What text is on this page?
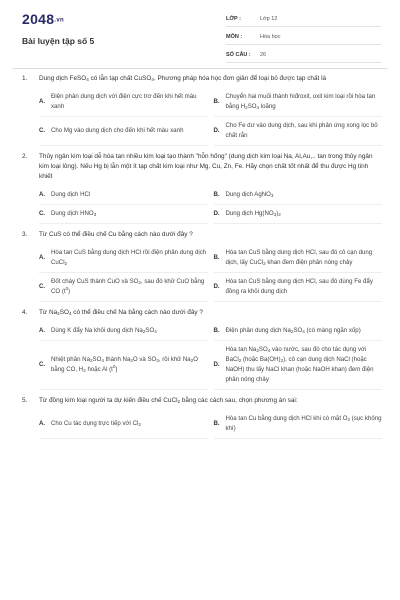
2048.vn
Bài luyện tập số 5
LỚP :	Lớp 12
MÔN :	Hóa học
SỐ CÂU :	26
1.	Dung dịch FeSO$_4$ có lẫn tạp chất CuSO$_4$. Phương pháp hóa học đơn giản để loại bỏ được tạp chất là
A.
Điện phân dung dịch với điện cực trơ đến khi hết màu xanh
B.
Chuyển hai muối thành hiđroxit, oxit kim loại rồi hòa tan bằng $H_2SO_4$ loãng
C. Cho Mg vào dung dịch cho đến khi hết màu xanh	D.
Cho Fe dư vào dung dịch, sau khi phản ứng xong lọc bỏ chất rắn
2.	Thủy ngân kim loại dễ hòa tan nhiều kim loại tạo thành "hỗn hống" (dung dịch kim loại Na, Al,Au,.. tan trong thủy ngân kim loại lỏng). Nếu Hg bị lẫn một ít tạp chất kim loại như Mg, Cu, Zn, Fe. Hãy chọn chất tốt nhất để thu được Hg tinh khiết
A. Dung dịch HCl	B. Dung dịch AgNO$_3$
C. Dung dịch $HNO_3$	D. Dung dịch $Hg(NO_3)_2$
3.	Từ CuS có thể điều chế Cu bằng cách nào dưới đây ?
A.
Hòa tan CuS bằng dung dịch HCl rồi điện phân dung dịch CuCl$_2$
B.
Hòa tan CuS bằng dung dịch HCl, sau đó cô cạn dung dịch, lấy CuCl$_2$ khan đem điện phân nóng chảy
C.
Đốt cháy CuS thành CuO và $SO_2$, sau đó khử CuO bằng CO $(t^0)$
D.
Hòa tan CuS bằng dung dịch HCl, sau đó dùng Fe đẩy đồng ra khỏi dung dịch
4.	Từ $Na_2SO_4$ có thể điều chế Na bằng cách nào dưới đây ?
A. Dùng K đẩy Na khỏi dung dịch $Na_2SO_4$	B. Điện phân dung dịch $Na_2SO_4$ (có màng ngăn xốp)
C.
Nhiệt phân $Na_2SO_4$ thành $Na_2O$ và $SO_3$, rồi khử $Na_2O$ bằng CO, $H_2$ hoặc Al $(t^0)$
D.
Hòa $\tan Na_2SO_4$ vào nước, sau đó cho tác dụng với BaCl$_2$ (hoặc $Ba(OH)_2$), cô cạn dung dịch NaCl (hoặc NaOH) thu lấy NaCl khan (hoặc NaOH khan) đem điện phân nóng chảy
5.	Từ đồng kim loại người ta dự kiến điều chế CuCl$_2$ bằng các cách sau, chọn phương án sai:
A. Cho Cu tác dụng trực tiếp với $Cl_2$	B.
Hòa tan Cu bằng dung dịch HCl khi có mặt $O_2$ (sục không khí)
